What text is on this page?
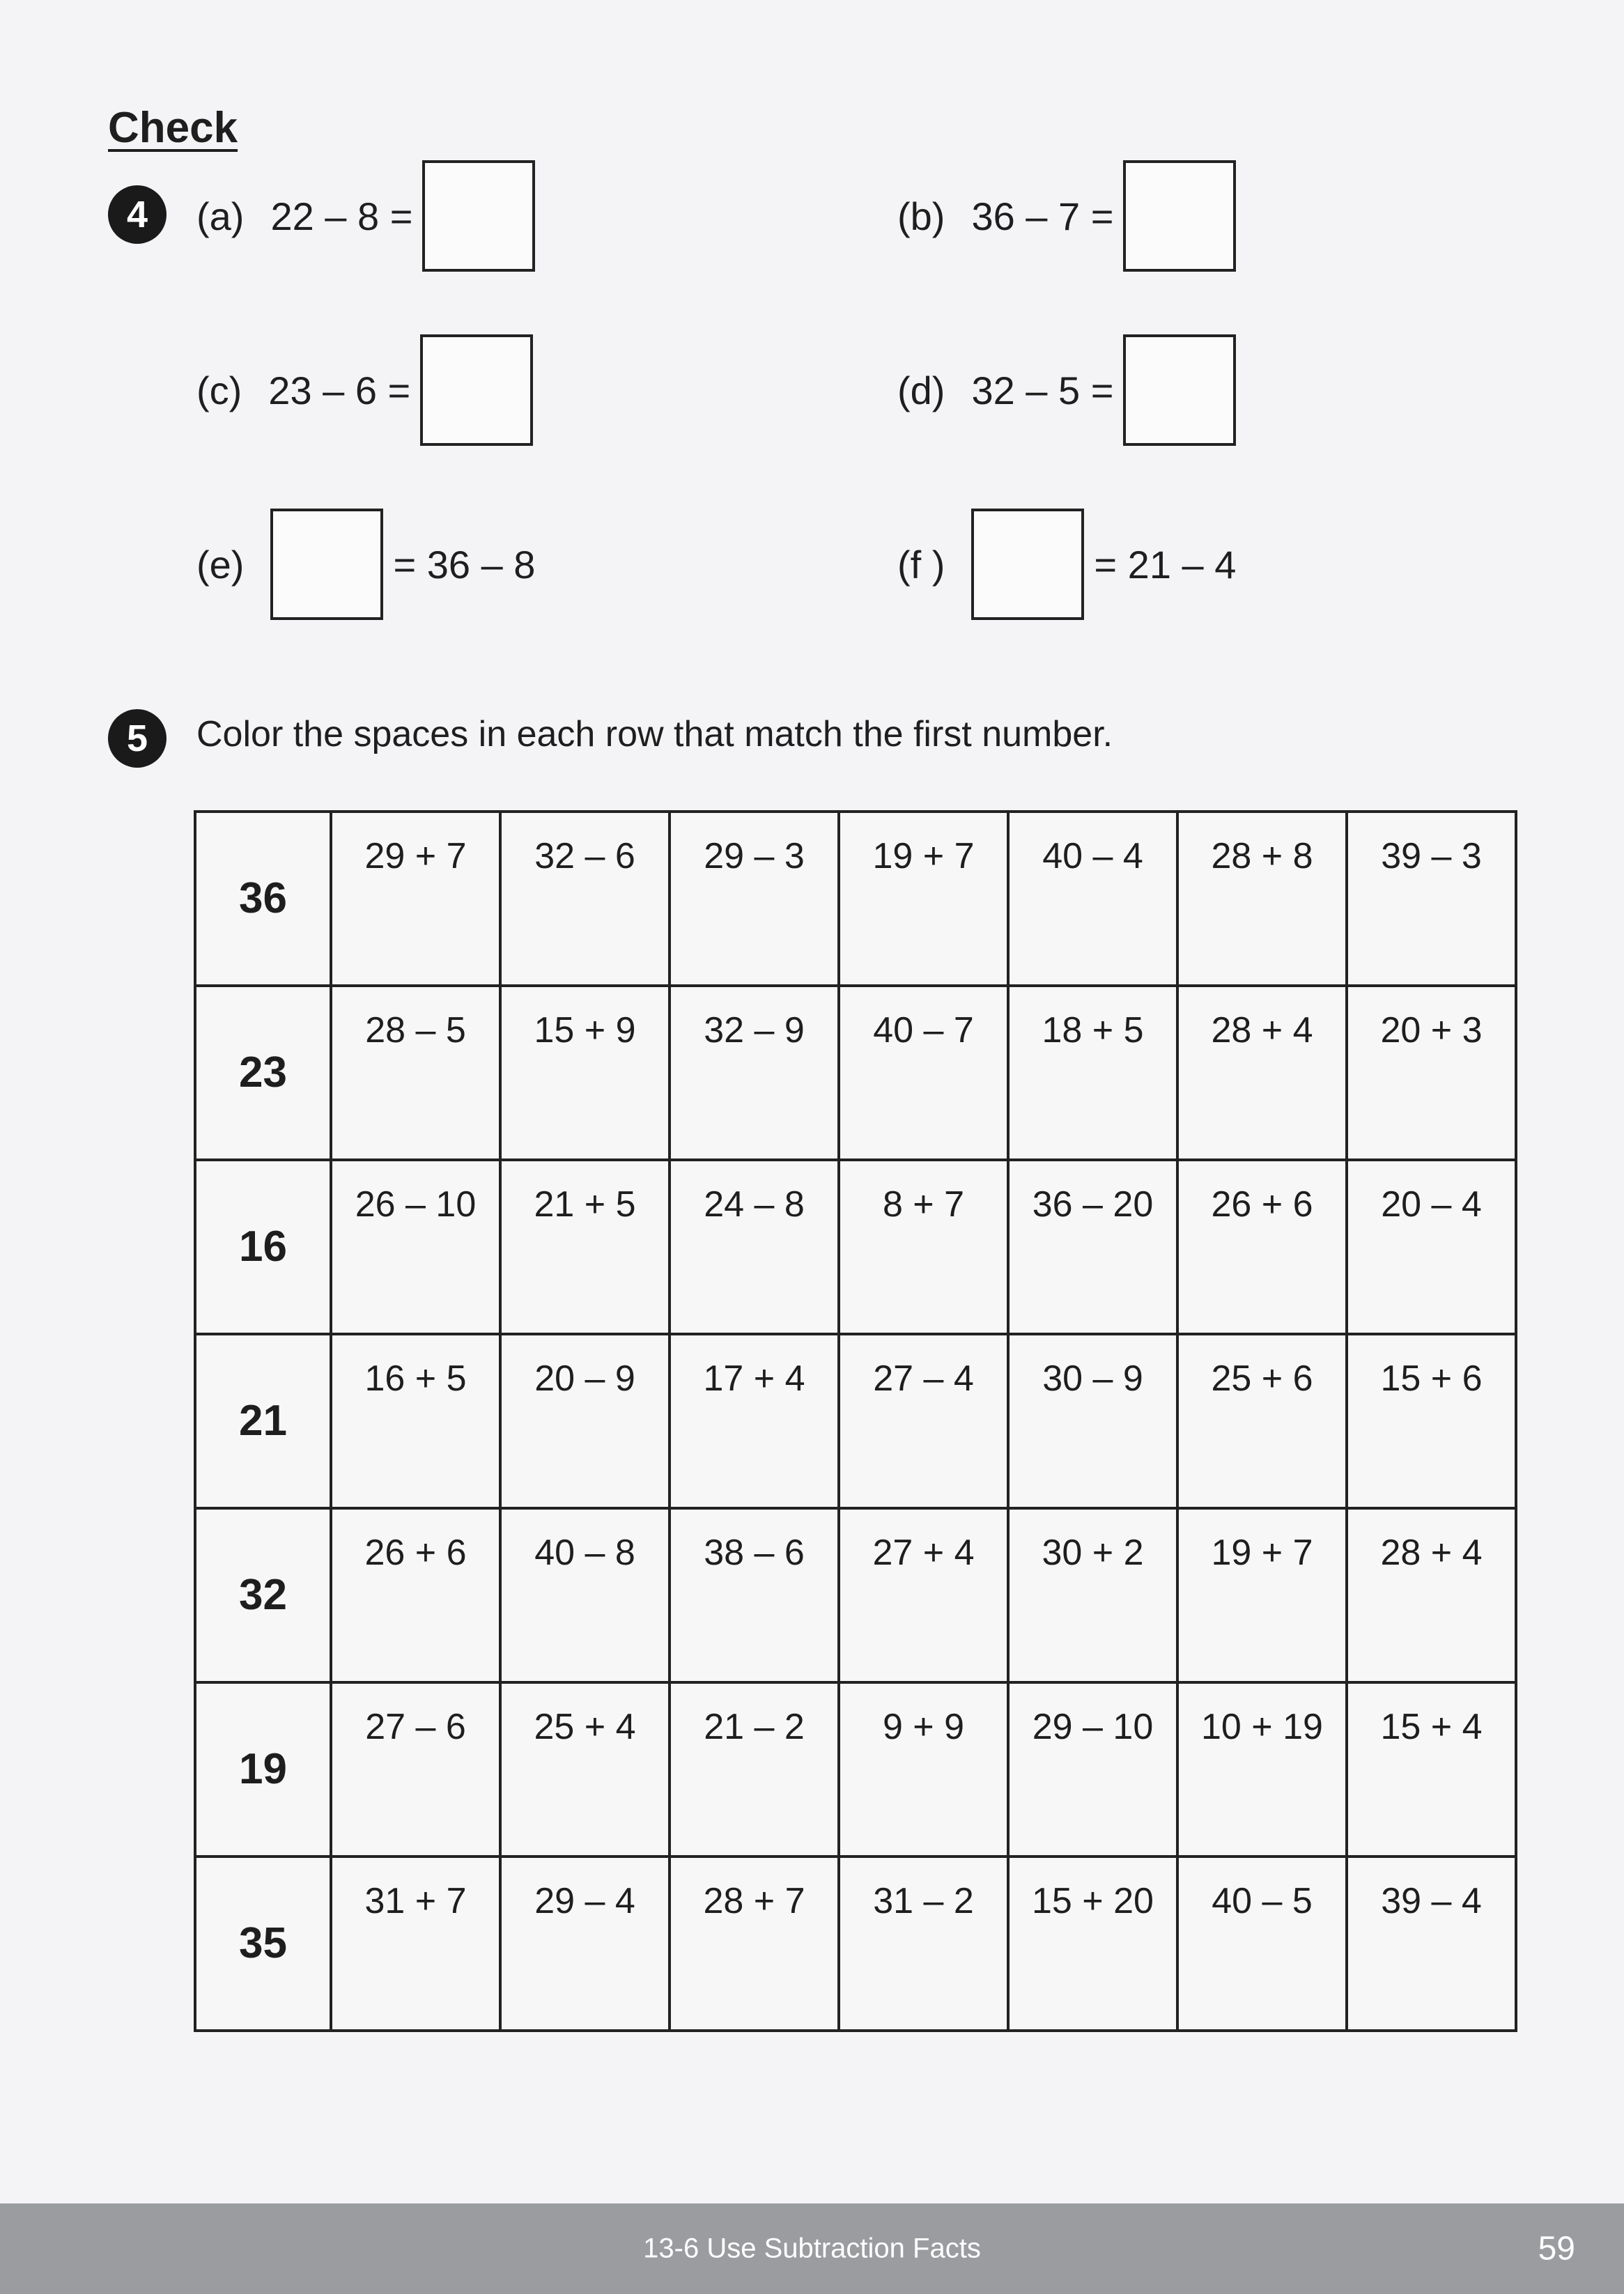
Check
4	(a) 22 – 8 =	(b) 36 – 7 =
(c) 23 – 6 =	(d) 32 – 5 =
(e)	= 36 – 8	(f )	= 21 – 4
5	Color the spaces in each row that match the first number.
36	29 + 7	32 – 6	29 – 3	19 + 7	40 – 4	28 + 8	39 – 3
23	28 – 5	15 + 9	32 – 9	40 – 7	18 + 5	28 + 4	20 + 3
16	26 – 10	21 + 5	24 – 8	8 + 7	36 – 20	26 + 6	20 – 4
21	16 + 5	20 – 9	17 + 4	27 – 4	30 – 9	25 + 6	15 + 6
32	26 + 6	40 – 8	38 – 6	27 + 4	30 + 2	19 + 7	28 + 4
19	27 – 6	25 + 4	21 – 2	9 + 9	29 – 10	10 + 19	15 + 4
35	31 + 7	29 – 4	28 + 7	31 – 2	15 + 20	40 – 5	39 – 4
13-6 Use Subtraction Facts	59
